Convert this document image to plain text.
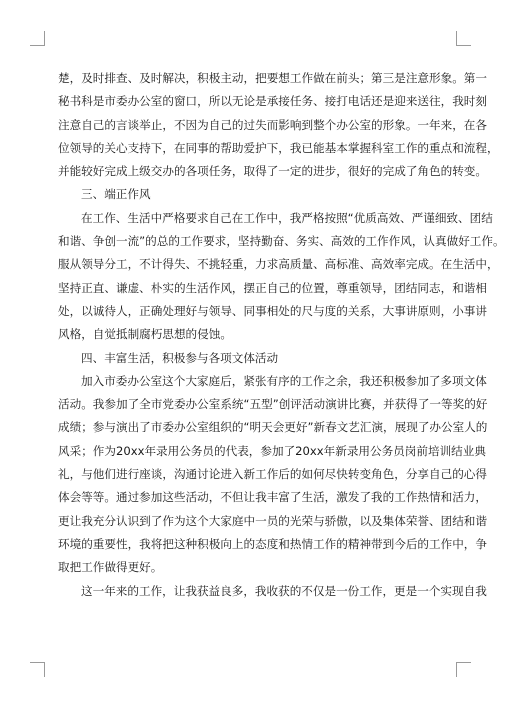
楚，及时排查、及时解决，积极主动，把要想工作做在前头；第三是注意形象。第一
秘书科是市委办公室的窗口，所以无论是承接任务、接打电话还是迎来送往，我时刻
注意自己的言谈举止，不因为自己的过失而影响到整个办公室的形象。一年来，在各
位领导的关心支持下，在同事的帮助爱护下，我已能基本掌握科室工作的重点和流程，
并能较好完成上级交办的各项任务，取得了一定的进步，很好的完成了角色的转变。
三、端正作风
在工作、生活中严格要求自己在工作中，我严格按照“优质高效、严谨细致、团结
和谐、争创一流”的总的工作要求，坚持勤奋、务实、高效的工作作风，认真做好工作。
服从领导分工，不计得失、不挑轻重，力求高质量、高标准、高效率完成。在生活中，
坚持正直、谦虚、朴实的生活作风，摆正自己的位置，尊重领导，团结同志，和谐相
处，以诚待人，正确处理好与领导、同事相处的尺与度的关系，大事讲原则，小事讲
风格，自觉抵制腐朽思想的侵蚀。
四、丰富生活，积极参与各项文体活动
加入市委办公室这个大家庭后，紧张有序的工作之余，我还积极参加了多项文体
活动。我参加了全市党委办公室系统“五型”创评活动演讲比赛，并获得了一等奖的好
成绩；参与演出了市委办公室组织的“明天会更好”新春文艺汇演，展现了办公室人的
风采；作为20xx年录用公务员的代表，参加了20xx年新录用公务员岗前培训结业典
礼，与他们进行座谈，沟通讨论进入新工作后的如何尽快转变角色，分享自己的心得
体会等等。通过参加这些活动，不但让我丰富了生活，激发了我的工作热情和活力，
更让我充分认识到了作为这个大家庭中一员的光荣与骄傲，以及集体荣誉、团结和谐
环境的重要性，我将把这种积极向上的态度和热情工作的精神带到今后的工作中，争
取把工作做得更好。
这一年来的工作，让我获益良多，我收获的不仅是一份工作，更是一个实现自我
